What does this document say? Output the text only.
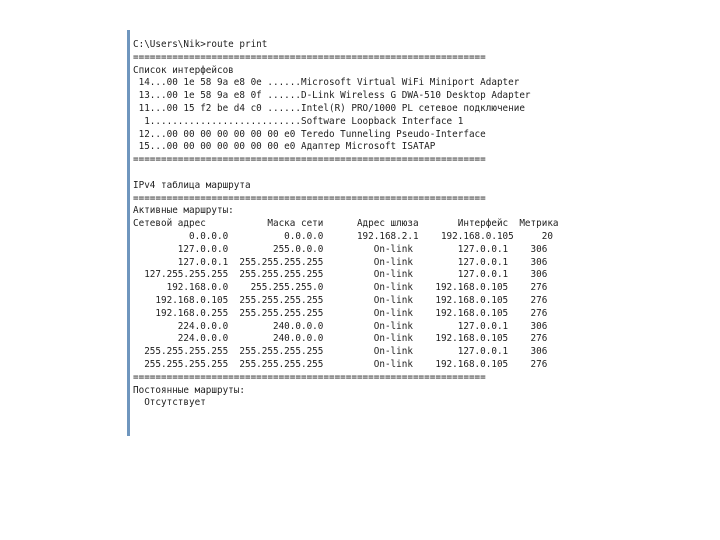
C:\Users\Nik>route print
===============================================================
Список интерфейсов
14...00 1e 58 9a e8 0e ......Microsoft Virtual WiFi Miniport Adapter
13...00 1e 58 9a e8 0f ......D-Link Wireless G DWA-510 Desktop Adapter
11...00 15 f2 be d4 c0 ......Intel(R) PRO/1000 PL сетевое подключение
1...........................Software Loopback Interface 1
12...00 00 00 00 00 00 00 e0 Teredo Tunneling Pseudo-Interface
15...00 00 00 00 00 00 00 e0 Адаптер Microsoft ISATAP
===============================================================
IPv4 таблица маршрута
===============================================================
Активные маршруты:
Сетевой адрес           Маска сети      Адрес шлюза       Интерфейс  Метрика
0.0.0.0          0.0.0.0      192.168.2.1    192.168.0.105     20
127.0.0.0        255.0.0.0         On-link        127.0.0.1    306
127.0.0.1  255.255.255.255         On-link        127.0.0.1    306
127.255.255.255  255.255.255.255         On-link        127.0.0.1    306
192.168.0.0    255.255.255.0         On-link    192.168.0.105    276
192.168.0.105  255.255.255.255         On-link    192.168.0.105    276
192.168.0.255  255.255.255.255         On-link    192.168.0.105    276
224.0.0.0        240.0.0.0         On-link        127.0.0.1    306
224.0.0.0        240.0.0.0         On-link    192.168.0.105    276
255.255.255.255  255.255.255.255         On-link        127.0.0.1    306
255.255.255.255  255.255.255.255         On-link    192.168.0.105    276
===============================================================
Постоянные маршруты:
Отсутствует
